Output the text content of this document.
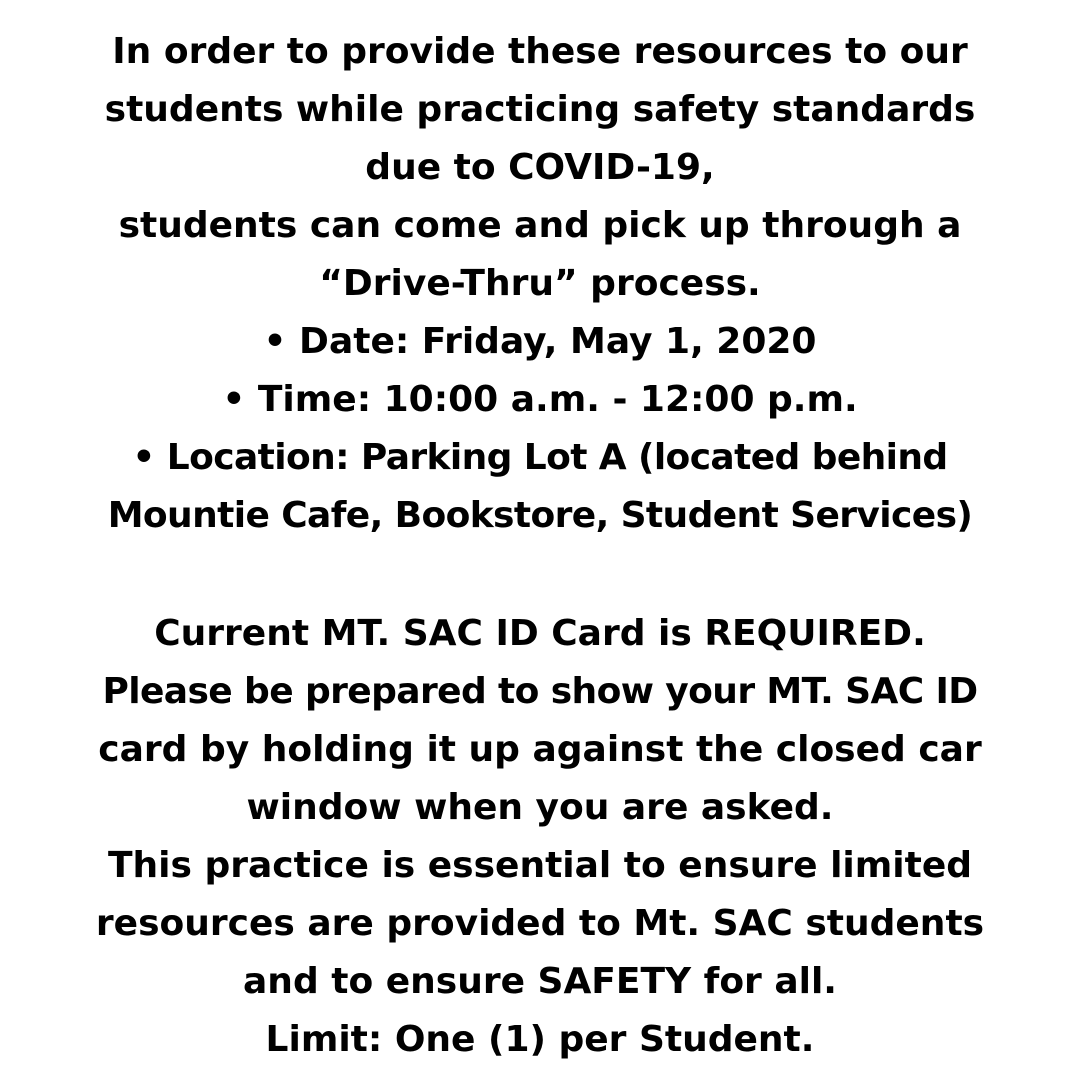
In order to provide these resources to our
students while practicing safety standards
due to COVID-19,
students can come and pick up through a
“Drive-Thru” process.
• Date: Friday, May 1, 2020
• Time: 10:00 a.m. - 12:00 p.m.
• Location: Parking Lot A (located behind
Mountie Cafe, Bookstore, Student Services)
Current MT. SAC ID Card is REQUIRED.
Please be prepared to show your MT. SAC ID
card by holding it up against the closed car
window when you are asked.
This practice is essential to ensure limited
resources are provided to Mt. SAC students
and to ensure SAFETY for all.
Limit: One (1) per Student.
